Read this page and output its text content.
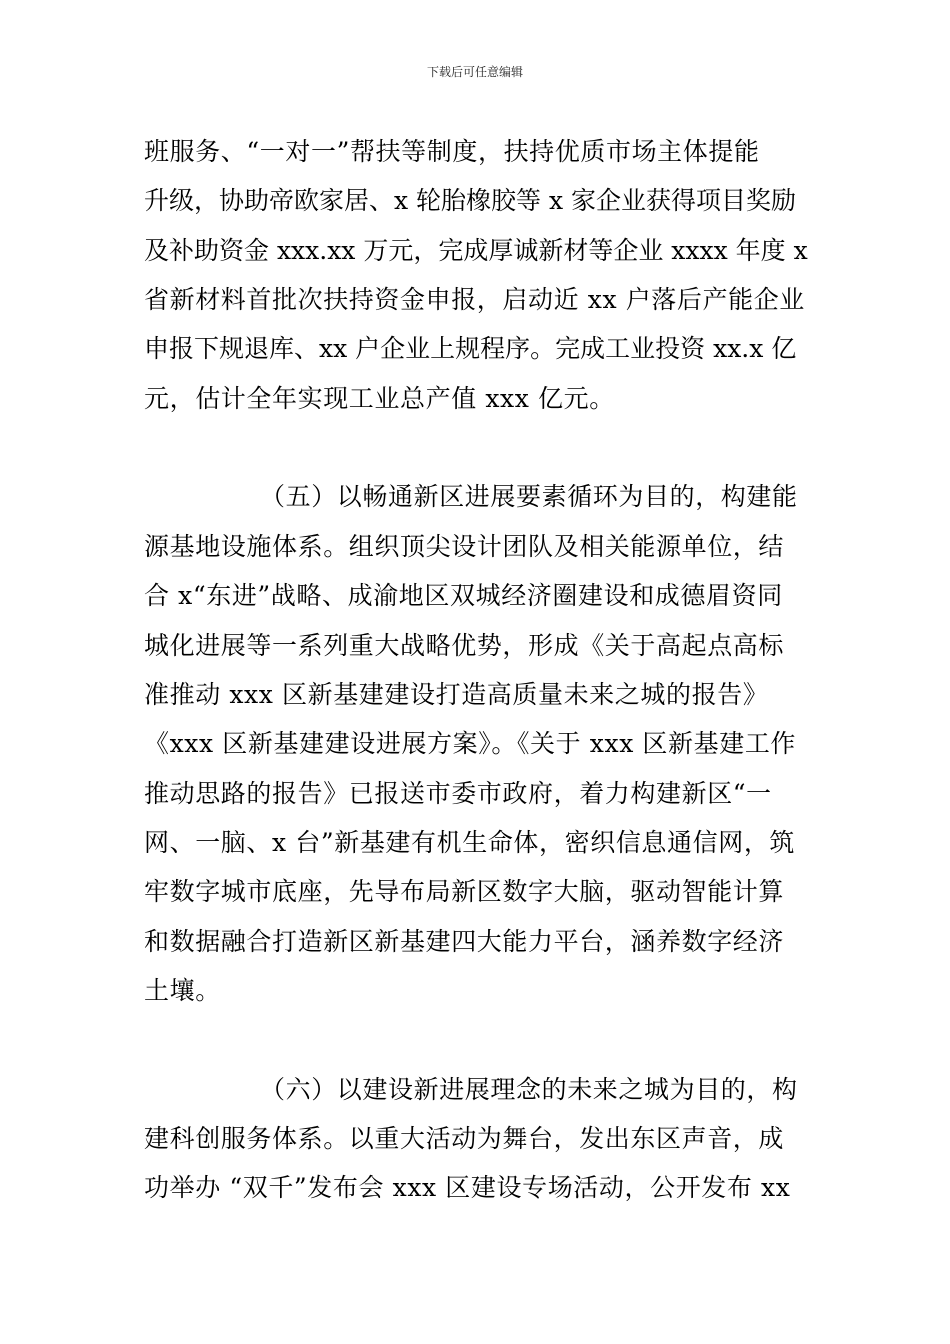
下载后可任意编辑
班服务、“一对一”帮扶等制度，扶持优质市场主体提能
升级，协助帝欧家居、x 轮胎橡胶等 x 家企业获得项目奖励
及补助资金 xxx.xx 万元，完成厚诚新材等企业 xxxx 年度 x
省新材料首批次扶持资金申报，启动近 xx 户落后产能企业
申报下规退库、xx 户企业上规程序。完成工业投资 xx.x 亿
元，估计全年实现工业总产值 xxx 亿元。
（五）以畅通新区进展要素循环为目的，构建能
源基地设施体系。组织顶尖设计团队及相关能源单位，结
合 x“东进”战略、成渝地区双城经济圈建设和成德眉资同
城化进展等一系列重大战略优势，形成《关于高起点高标
准推动 xxx 区新基建建设打造高质量未来之城的报告》
《xxx 区新基建建设进展方案》。《关于 xxx 区新基建工作
推动思路的报告》已报送市委市政府，着力构建新区“一
网、一脑、x 台”新基建有机生命体，密织信息通信网，筑
牢数字城市底座，先导布局新区数字大脑，驱动智能计算
和数据融合打造新区新基建四大能力平台，涵养数字经济
土壤。
（六）以建设新进展理念的未来之城为目的，构
建科创服务体系。以重大活动为舞台，发出东区声音，成
功举办 “双千”发布会 xxx 区建设专场活动，公开发布 xx
